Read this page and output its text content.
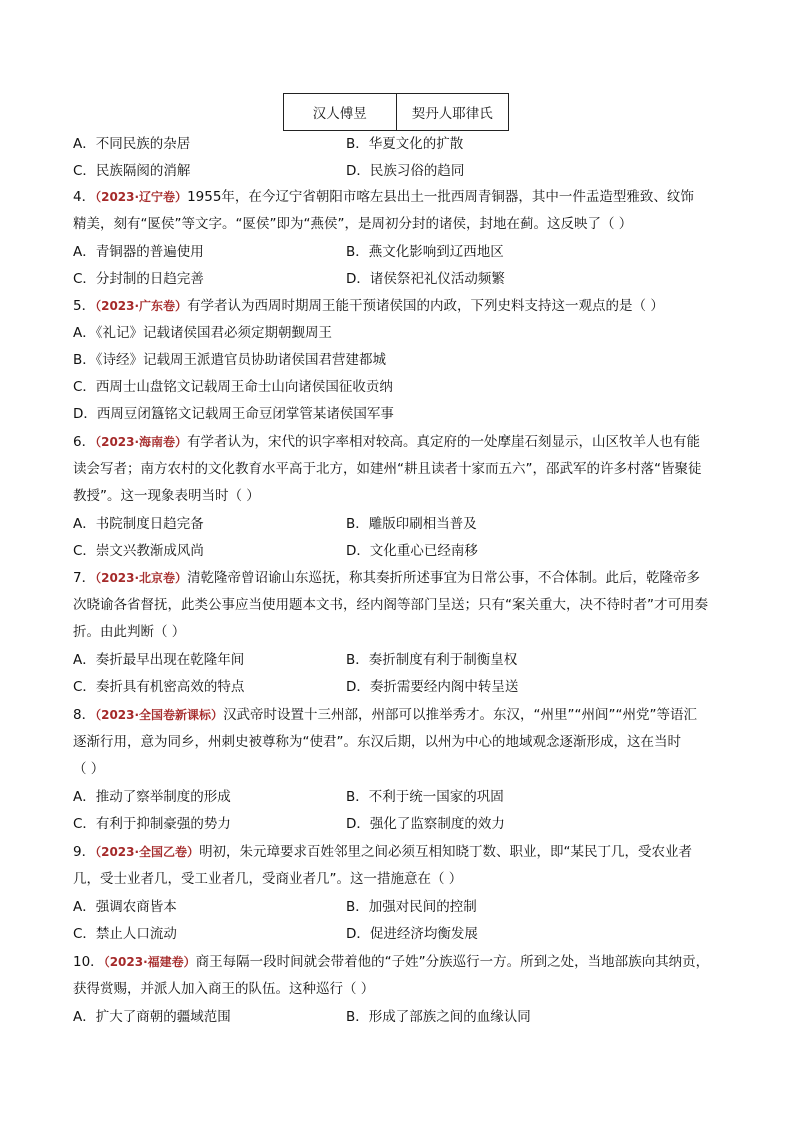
汉人傅昱	契丹人耶律氏
A．不同民族的杂居	B．华夏文化的扩散
C．民族隔阂的消解	D．民族习俗的趋同
4．（2023·辽宁卷）1955年，在今辽宁省朝阳市喀左县出土一批西周青铜器，其中一件盂造型雅致、纹饰
精美，刻有“匽侯”等文字。“匽侯”即为“燕侯”，是周初分封的诸侯，封地在蓟。这反映了（ ）
A．青铜器的普遍使用	B．燕文化影响到辽西地区
C．分封制的日趋完善	D．诸侯祭祀礼仪活动频繁
5．（2023·广东卷）有学者认为西周时期周王能干预诸侯国的内政，下列史料支持这一观点的是（ ）
A．《礼记》记载诸侯国君必须定期朝觐周王
B．《诗经》记载周王派遣官员协助诸侯国君营建都城
C．西周士山盘铭文记载周王命士山向诸侯国征收贡纳
D．西周豆闭簋铭文记载周王命豆闭掌管某诸侯国军事
6．（2023·海南卷）有学者认为，宋代的识字率相对较高。真定府的一处摩崖石刻显示，山区牧羊人也有能
读会写者；南方农村的文化教育水平高于北方，如建州“耕且读者十家而五六”，邵武军的许多村落“皆聚徒
教授”。这一现象表明当时（ ）
A．书院制度日趋完备	B．雕版印刷相当普及
C．崇文兴教渐成风尚	D．文化重心已经南移
7．（2023·北京卷）清乾隆帝曾诏谕山东巡抚，称其奏折所述事宜为日常公事，不合体制。此后，乾隆帝多
次晓谕各省督抚，此类公事应当使用题本文书，经内阁等部门呈送；只有“案关重大，决不待时者”才可用奏
折。由此判断（ ）
A．奏折最早出现在乾隆年间	B．奏折制度有利于制衡皇权
C．奏折具有机密高效的特点	D．奏折需要经内阁中转呈送
8．（2023·全国卷新课标）汉武帝时设置十三州部，州部可以推举秀才。东汉，“州里”“州闾”“州党”等语汇
逐渐行用，意为同乡，州刺史被尊称为“使君”。东汉后期，以州为中心的地域观念逐渐形成，这在当时
（ ）
A．推动了察举制度的形成	B．不利于统一国家的巩固
C．有利于抑制豪强的势力	D．强化了监察制度的效力
9．（2023·全国乙卷）明初，朱元璋要求百姓邻里之间必须互相知晓丁数、职业，即“某民丁几，受农业者
几，受士业者几，受工业者几，受商业者几”。这一措施意在（ ）
A．强调农商皆本	B．加强对民间的控制
C．禁止人口流动	D．促进经济均衡发展
10．（2023·福建卷）商王每隔一段时间就会带着他的“子姓”分族巡行一方。所到之处，当地部族向其纳贡，
获得赏赐，并派人加入商王的队伍。这种巡行（ ）
A．扩大了商朝的疆域范围	B．形成了部族之间的血缘认同
